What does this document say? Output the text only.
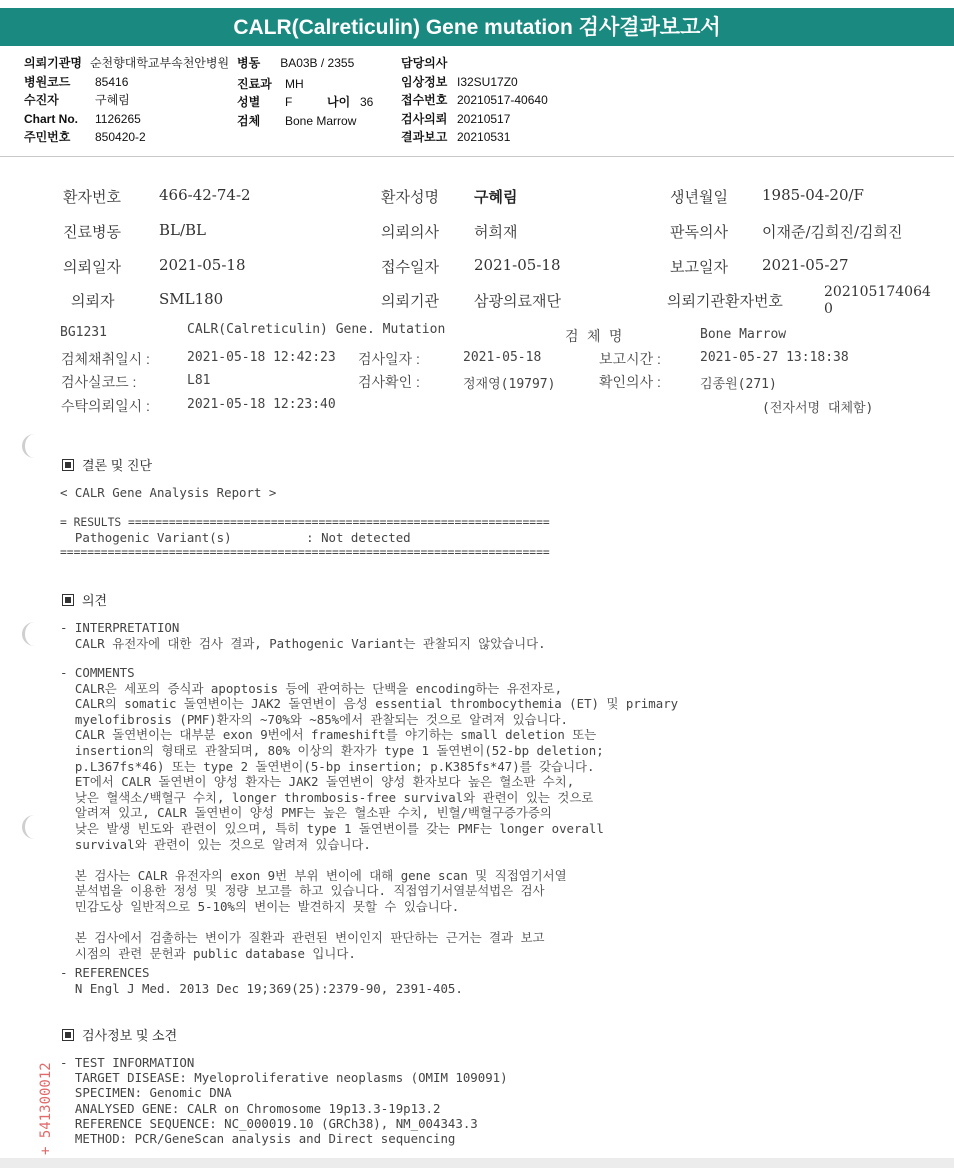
CALR(Calreticulin) Gene mutation 검사결과보고서
의뢰기관명 순천향대학교부속천안병원
병원코드 85416
수진자	구혜림
Chart No. 1126265
주민번호 850420-2
병동 BA03B / 2355
진료과 MH
성별 F	나이 36
검체 Bone Marrow
담당의사
임상정보 I32SU17Z0
접수번호 20210517-40640
검사의뢰 20210517
결과보고 20210531
환자번호	466-42-74-2	환자성명 구혜림	생년월일 1985-04-20/F
진료병동	BL/BL	의뢰의사 허희재	판독의사 이재준/김희진/김희진
의뢰일자	2021-05-18	접수일자 2021-05-18	보고일자 2021-05-27
의뢰자	SML180	의뢰기관 삼광의료재단	의뢰기관환자번호	202105174064
0
BG1231	CALR(Calreticulin) Gene. Mutation	검 체 명	Bone Marrow
검체채취일시 :	2021-05-18 12:42:23 검사일자 :	2021-05-18	보고시간 :	2021-05-27 13:18:38
검사실코드 :	L81	검사확인 :	정재영(19797)	확인의사 :	김종원(271)
수탁의뢰일시 :	2021-05-18 12:23:40	(전자서명 대체함)
결론 및 진단
< CALR Gene Analysis Report >
= RESULTS ==============================================================
Pathogenic Variant(s)          : Not detected
========================================================================
의견
- INTERPRETATION
CALR 유전자에 대한 검사 결과, Pathogenic Variant는 관찰되지 않았습니다.
- COMMENTS
CALR은 세포의 증식과 apoptosis 등에 관여하는 단백을 encoding하는 유전자로,
CALR의 somatic 돌연변이는 JAK2 돌연변이 음성 essential thrombocythemia (ET) 및 primary
myelofibrosis (PMF)환자의 ~70%와 ~85%에서 관찰되는 것으로 알려져 있습니다.
CALR 돌연변이는 대부분 exon 9번에서 frameshift를 야기하는 small deletion 또는
insertion의 형태로 관찰되며, 80% 이상의 환자가 type 1 돌연변이(52-bp deletion;
p.L367fs*46) 또는 type 2 돌연변이(5-bp insertion; p.K385fs*47)를 갖습니다.
ET에서 CALR 돌연변이 양성 환자는 JAK2 돌연변이 양성 환자보다 높은 혈소판 수치,
낮은 혈색소/백혈구 수치, longer thrombosis-free survival와 관련이 있는 것으로
알려져 있고, CALR 돌연변이 양성 PMF는 높은 혈소판 수치, 빈혈/백혈구증가증의
낮은 발생 빈도와 관련이 있으며, 특히 type 1 돌연변이를 갖는 PMF는 longer overall
survival와 관련이 있는 것으로 알려져 있습니다.

본 검사는 CALR 유전자의 exon 9번 부위 변이에 대해 gene scan 및 직접염기서열
분석법을 이용한 정성 및 정량 보고를 하고 있습니다. 직접염기서열분석법은 검사
민감도상 일반적으로 5-10%의 변이는 발견하지 못할 수 있습니다.

본 검사에서 검출하는 변이가 질환과 관련된 변이인지 판단하는 근거는 결과 보고
시점의 관련 문헌과 public database 입니다.
- REFERENCES
N Engl J Med. 2013 Dec 19;369(25):2379-90, 2391-405.
검사정보 및 소견
- TEST INFORMATION
TARGET DISEASE: Myeloproliferative neoplasms (OMIM 109091)
SPECIMEN: Genomic DNA
ANALYSED GENE: CALR on Chromosome 19p13.3-19p13.2
REFERENCE SEQUENCE: NC_000019.10 (GRCh38), NM_004343.3
METHOD: PCR/GeneScan analysis and Direct sequencing
+ 541300012
